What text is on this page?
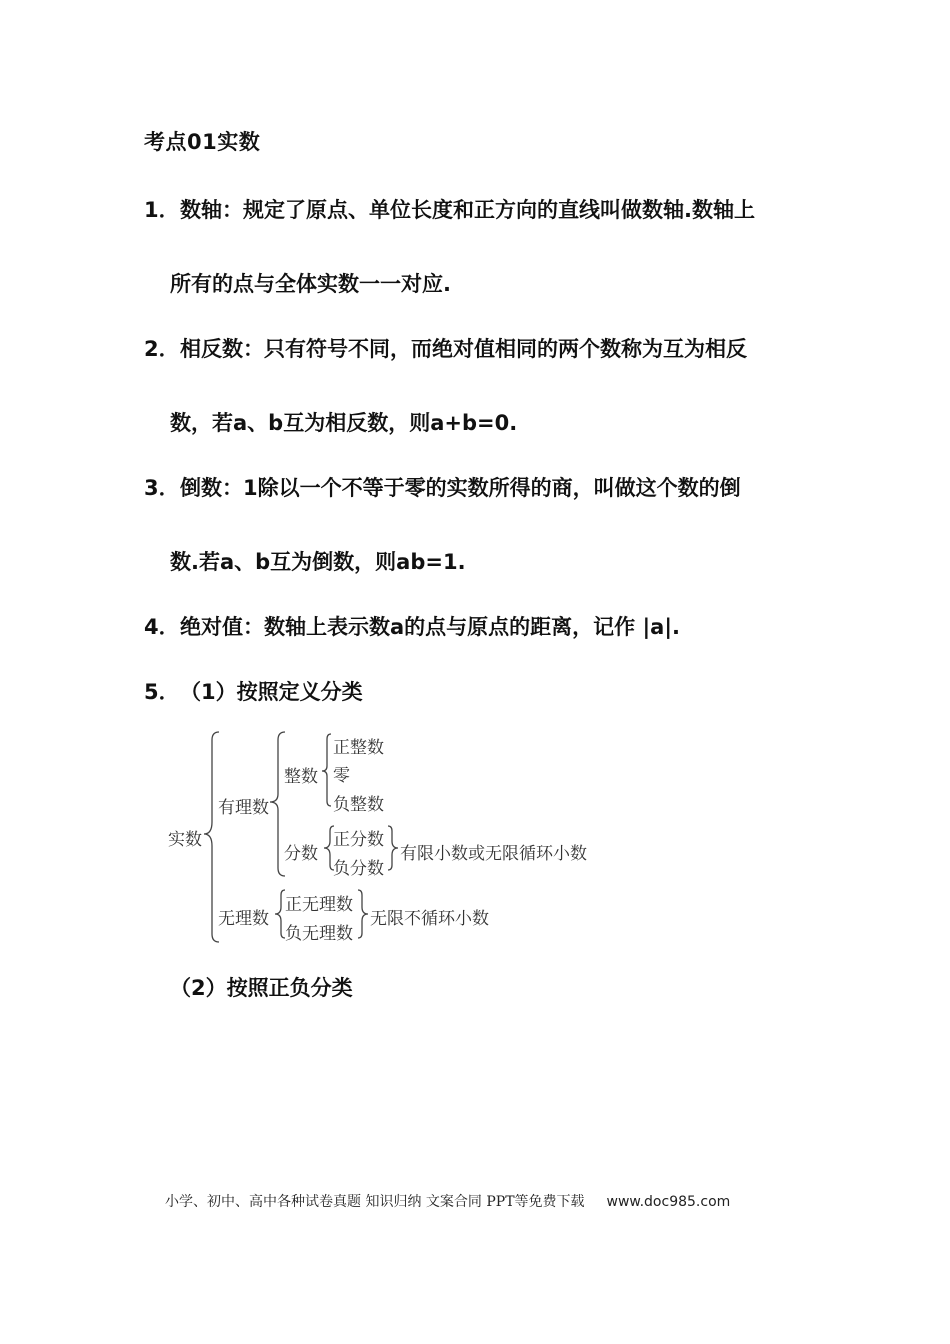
考点01实数
1．数轴：规定了原点、单位长度和正方向的直线叫做数轴.数轴上
所有的点与全体实数一一对应.
2．相反数：只有符号不同，而绝对值相同的两个数称为互为相反
数，若a、b互为相反数，则a+b=0.
3．倒数：1除以一个不等于零的实数所得的商，叫做这个数的倒
数.若a、b互为倒数，则ab=1.
4．绝对值：数轴上表示数a的点与原点的距离，记作 |a|.
5．（1）按照定义分类
实数
有理数
整数
正整数
零
负整数
分数
正分数
负分数
有限小数或无限循环小数
无理数
正无理数
负无理数
无限不循环小数
（2）按照正负分类
小学、初中、高中各种试卷真题 知识归纳 文案合同 PPT等免费下载 www.doc985.com
